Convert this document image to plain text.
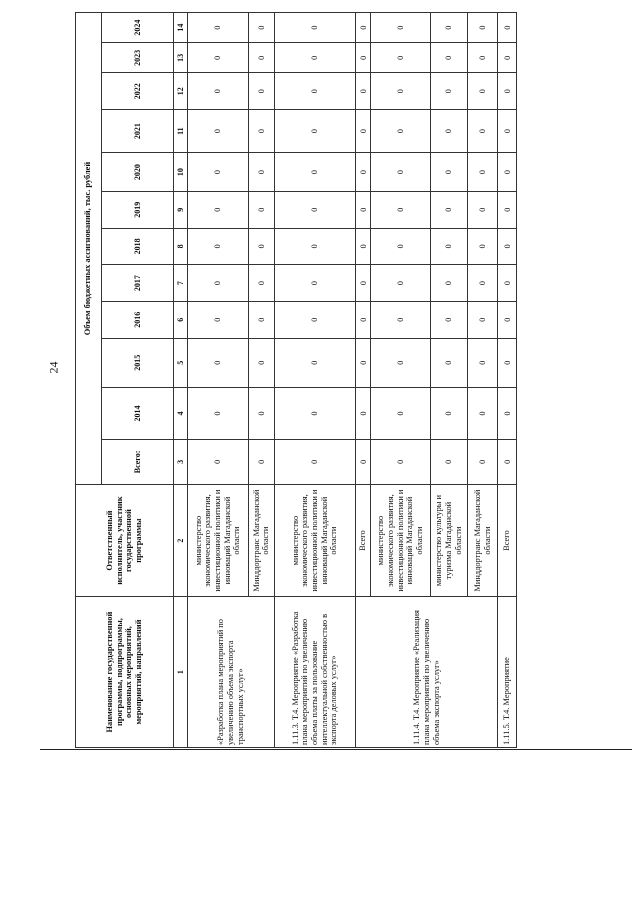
24
Наименование государственной программы, подпрограммы, основных мероприятий, мероприятий, направлений	Ответственный исполнитель, участник государственной программы	Объем бюджетных ассигнований, тыс. рублей											
		Всего:	2014	2015	2016	2017	2018	2019	2020	2021	2022	2023	2024
1	2	3	4	5	6	7	8	9	10	11	12	13	14
«Разработка плана мероприятий по увеличению объема экспорта транспортных услуг»	министерство экономического развития, инвестиционной политики и инноваций Магаданской области	0	0	0	0	0	0	0	0	0	0	0	0
	Минддортранс Магаданской области	0	0	0	0	0	0	0	0	0	0	0	0
1.11.3. Т.4. Мероприятие «Разработка плана мероприятий по увеличению объема платы за пользование интеллектуальной собственностью в экспорта деловых услуг»	министерство экономического развития, инвестиционной политики и инноваций Магаданской области	0	0	0	0	0	0	0	0	0	0	0	0
1.11.4. Т.4. Мероприятие «Реализация плана мероприятий по увеличению объема экспорта услуг»	Всего	0	0	0	0	0	0	0	0	0	0	0	0
	министерство экономического развития, инвестиционной политики и инноваций Магаданской области	0	0	0	0	0	0	0	0	0	0	0	0
	министерство культуры и туризма Магаданской области	0	0	0	0	0	0	0	0	0	0	0	0
	Минддортранс Магаданской области	0	0	0	0	0	0	0	0	0	0	0	0
1.11.5. Т.4. Мероприятие	Всего	0	0	0	0	0	0	0	0	0	0	0	0
